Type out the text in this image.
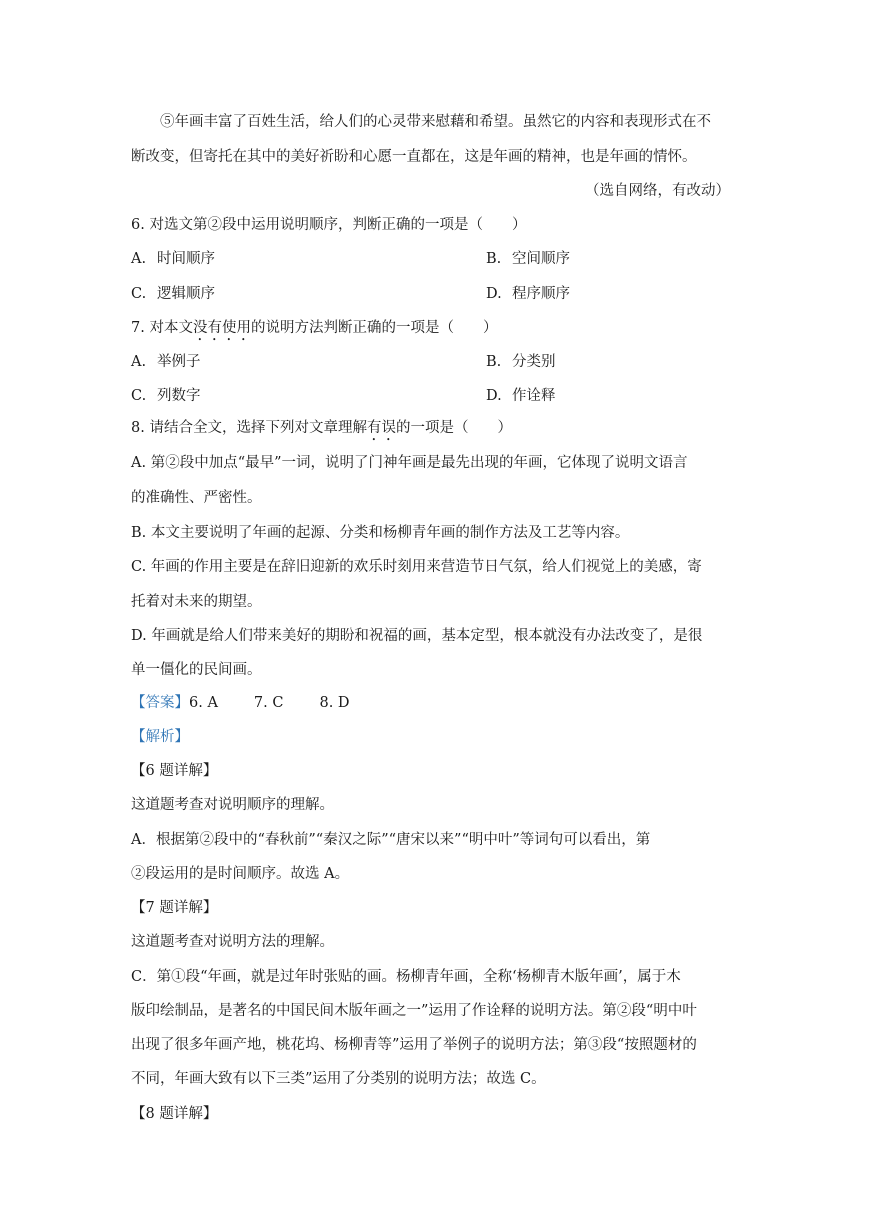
⑤年画丰富了百姓生活，给人们的心灵带来慰藉和希望。虽然它的内容和表现形式在不
断改变，但寄托在其中的美好祈盼和心愿一直都在，这是年画的精神，也是年画的情怀。
（选自网络，有改动）
6. 对选文第②段中运用说明顺序，判断正确的一项是（　　）
A. 时间顺序	B. 空间顺序
C. 逻辑顺序	D. 程序顺序
7. 对本文没有使用的说明方法判断正确的一项是（　　）
A. 举例子	B. 分类别
C. 列数字	D. 作诠释
8. 请结合全文，选择下列对文章理解有误的一项是（　　）
A. 第②段中加点“最早”一词，说明了门神年画是最先出现的年画，它体现了说明文语言
的准确性、严密性。
B. 本文主要说明了年画的起源、分类和杨柳青年画的制作方法及工艺等内容。
C. 年画的作用主要是在辞旧迎新的欢乐时刻用来营造节日气氛，给人们视觉上的美感，寄
托着对未来的期望。
D. 年画就是给人们带来美好的期盼和祝福的画，基本定型，根本就没有办法改变了，是很
单一僵化的民间画。
【答案】6. A 7. C 8. D
【解析】
【6 题详解】
这道题考查对说明顺序的理解。
A．根据第②段中的“春秋前”“秦汉之际”“唐宋以来”“明中叶”等词句可以看出，第
②段运用的是时间顺序。故选 A。
【7 题详解】
这道题考查对说明方法的理解。
C．第①段“年画，就是过年时张贴的画。杨柳青年画，全称‘杨柳青木版年画’，属于木
版印绘制品，是著名的中国民间木版年画之一”运用了作诠释的说明方法。第②段“明中叶
出现了很多年画产地，桃花坞、杨柳青等”运用了举例子的说明方法；第③段“按照题材的
不同，年画大致有以下三类”运用了分类别的说明方法；故选 C。
【8 题详解】
